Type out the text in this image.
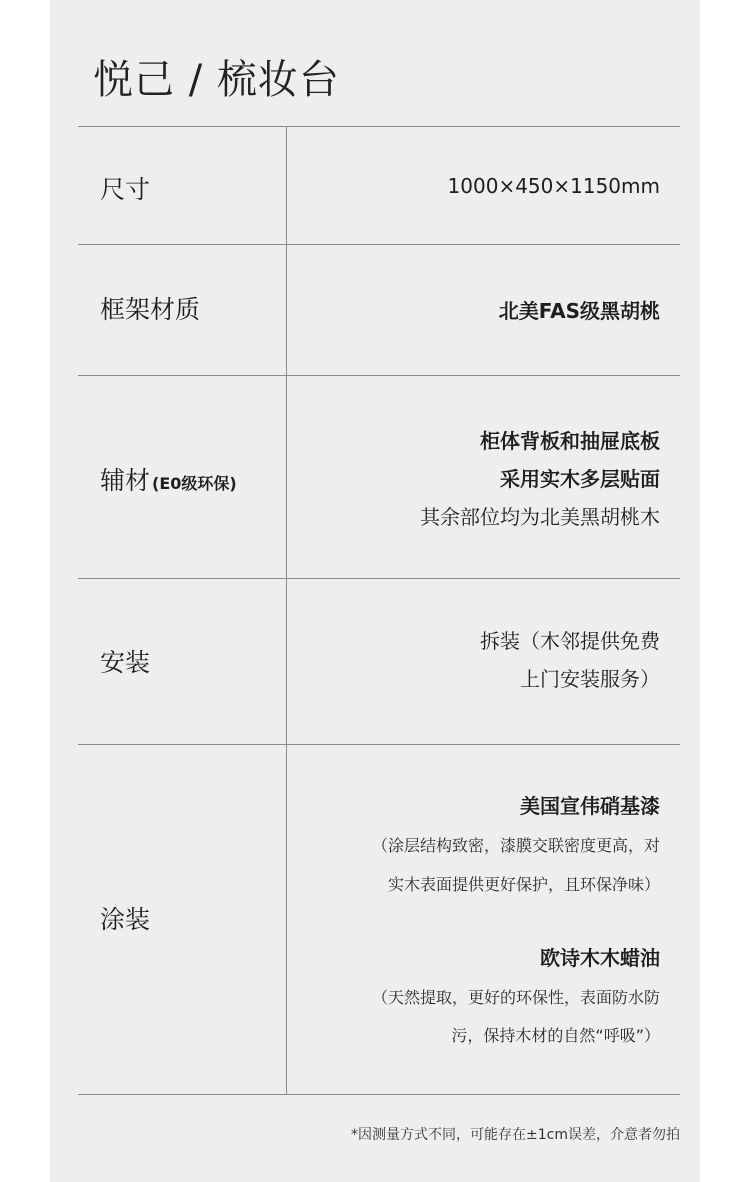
悦己 / 梳妆台
尺寸	1000×450×1150mm
框架材质	北美FAS级黑胡桃
辅材 (E0级环保)
柜体背板和抽屉底板
采用实木多层贴面
其余部位均为北美黑胡桃木
安装
拆装（木邻提供免费
上门安装服务）
涂装
美国宣伟硝基漆
（涂层结构致密，漆膜交联密度更高，对
实木表面提供更好保护，且环保净味）
欧诗木木蜡油
（天然提取，更好的环保性，表面防水防
污，保持木材的自然“呼吸”）
*因测量方式不同，可能存在±1cm误差，介意者勿拍
